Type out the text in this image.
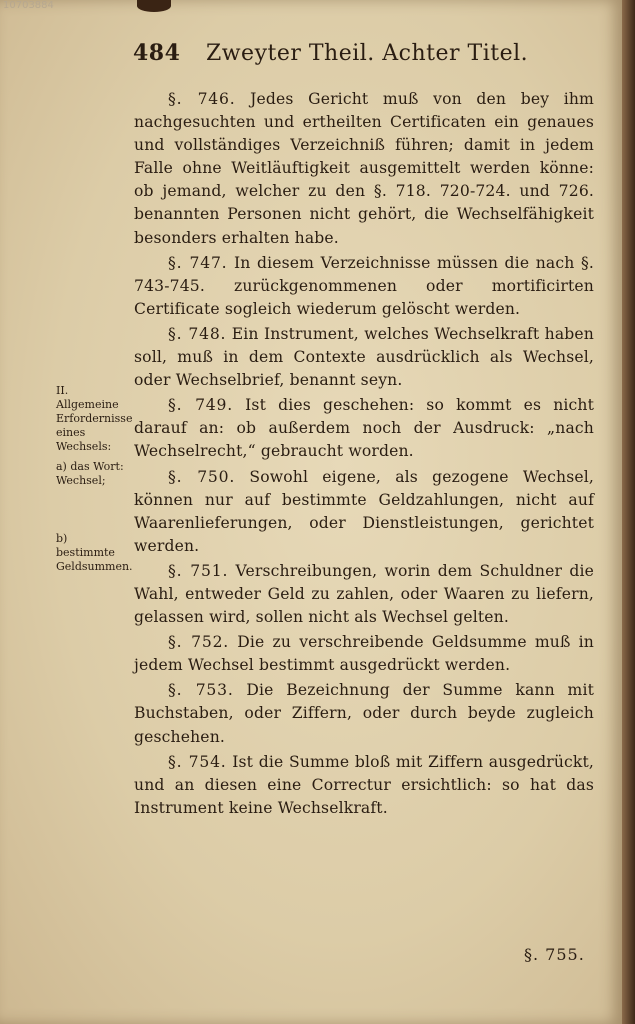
10703884
484 Zweyter Theil. Achter Titel.
II. Allgemeine Erfordernisse eines Wechsels:
a) das Wort: Wechsel;
b) bestimmte Geldsummen.

§. 746. Jedes Gericht muß von den bey ihm nachgesuchten und ertheilten Certificaten ein genaues und vollständiges Verzeichniß führen; damit in jedem Falle ohne Weitläuftigkeit ausgemittelt werden könne: ob jemand, welcher zu den §. 718. 720-724. und 726. benannten Personen nicht gehört, die Wechselfähigkeit besonders erhalten habe.

§. 747. In diesem Verzeichnisse müssen die nach §. 743-745. zurückgenommenen oder mortificirten Certificate sogleich wiederum gelöscht werden.

§. 748. Ein Instrument, welches Wechselkraft haben soll, muß in dem Contexte ausdrücklich als Wechsel, oder Wechselbrief, benannt seyn.

§. 749. Ist dies geschehen: so kommt es nicht darauf an: ob außerdem noch der Ausdruck: „nach Wechselrecht,“ gebraucht worden.

§. 750. Sowohl eigene, als gezogene Wechsel, können nur auf bestimmte Geldzahlungen, nicht auf Waarenlieferungen, oder Dienstleistungen, gerichtet werden.

§. 751. Verschreibungen, worin dem Schuldner die Wahl, entweder Geld zu zahlen, oder Waaren zu liefern, gelassen wird, sollen nicht als Wechsel gelten.

§. 752. Die zu verschreibende Geldsumme muß in jedem Wechsel bestimmt ausgedrückt werden.

§. 753. Die Bezeichnung der Summe kann mit Buchstaben, oder Ziffern, oder durch beyde zugleich geschehen.

§. 754. Ist die Summe bloß mit Ziffern ausgedrückt, und an diesen eine Correctur ersichtlich: so hat das Instrument keine Wechselkraft.

§. 755.
